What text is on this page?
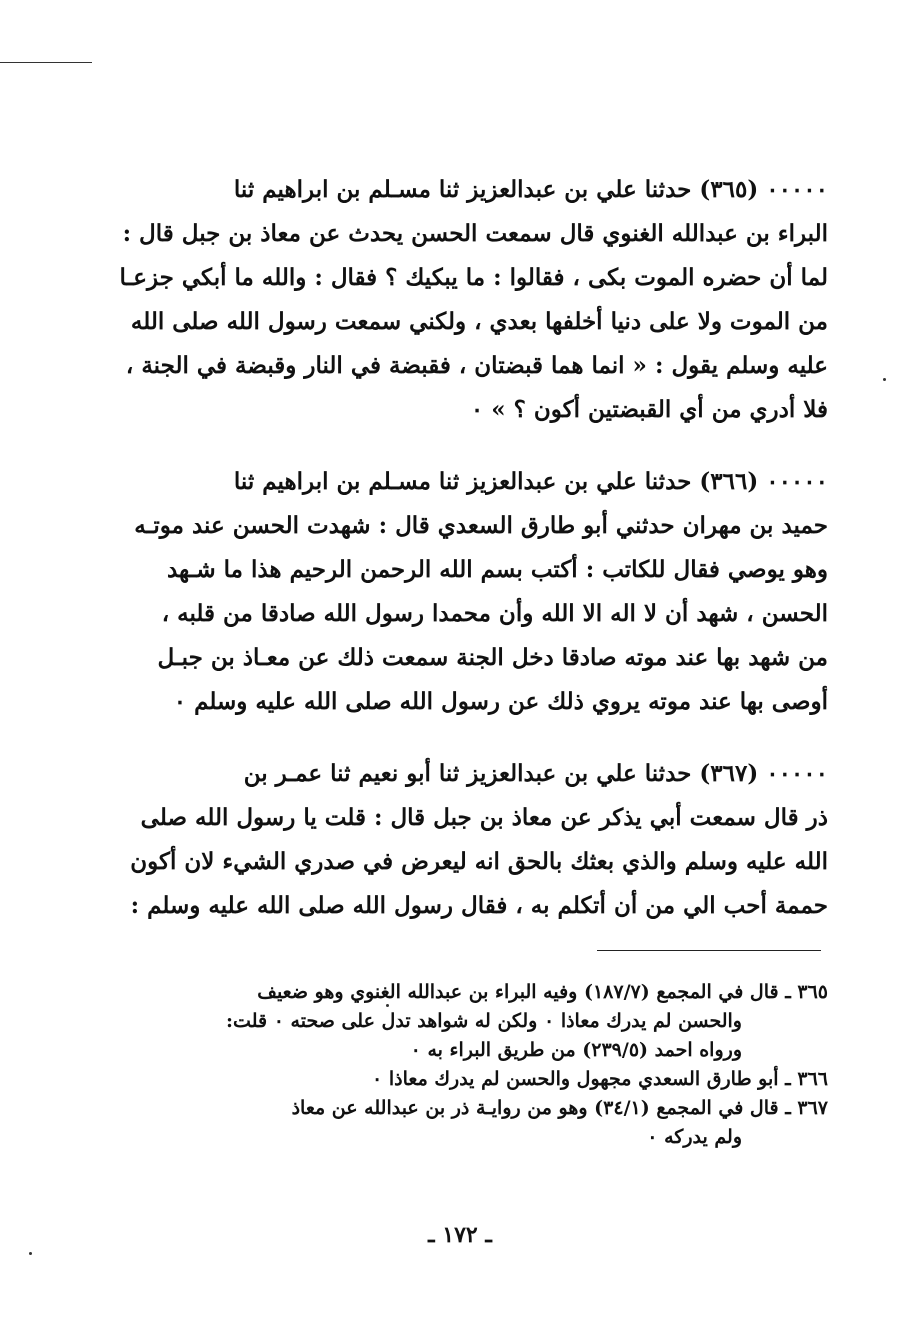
٠٠٠٠٠ (٣٦٥) حدثنا علي بن عبدالعزيز ثنا مسـلم بن ابراهيم ثنا
البراء بن عبدالله الغنوي قال سمعت الحسن يحدث عن معاذ بن جبل قال :
لما أن حضره الموت بكى ، فقالوا : ما يبكيك ؟ فقال : والله ما أبكي جزعـا
من الموت ولا على دنيا أخلفها بعدي ، ولكني سمعت رسول الله صلى الله
عليه وسلم يقول : « انما هما قبضتان ، فقبضة في النار وقبضة في الجنة ،
فلا أدري من أي القبضتين أكون ؟ » ٠
٠٠٠٠٠ (٣٦٦) حدثنا علي بن عبدالعزيز ثنا مسـلم بن ابراهيم ثنا
حميد بن مهران حدثني أبو طارق السعدي قال : شهدت الحسن عند موتـه
وهو يوصي فقال للكاتب : أكتب بسم الله الرحمن الرحيم هذا ما شـهد
الحسن ، شهد أن لا اله الا الله وأن محمدا رسول الله صادقا من قلبه ،
من شهد بها عند موته صادقا دخل الجنة سمعت ذلك عن معـاذ بن جبـل
أوصى بها عند موته يروي ذلك عن رسول الله صلى الله عليه وسلم ٠
٠٠٠٠٠ (٣٦٧) حدثنا علي بن عبدالعزيز ثنا أبو نعيم ثنا عمـر بن
ذر قال سمعت أبي يذكر عن معاذ بن جبل قال : قلت يا رسول الله صلى
الله عليه وسلم والذي بعثك بالحق انه ليعرض في صدري الشيء لان أكون
حممة أحب الي من أن أتكلم به ، فقال رسول الله صلى الله عليه وسلم :
٣٦٥ ـ قال في المجمع (١٨٧/٧) وفيه البراء بن عبدالله الغنوي وهو ضعيف
والحسن لم يدرك معاذا ٠ ولكن له شواهد تدل على صحته ٠ قلت:
ورواه احمد (٢٣٩/٥) من طريق البراء به ٠
٣٦٦ ـ أبو طارق السعدي مجهول والحسن لم يدرك معاذا ٠
٣٦٧ ـ قال في المجمع (٣٤/١) وهو من روايـة ذر بن عبدالله عن معاذ
ولم يدركه ٠
ـ ١٧٢ ـ
